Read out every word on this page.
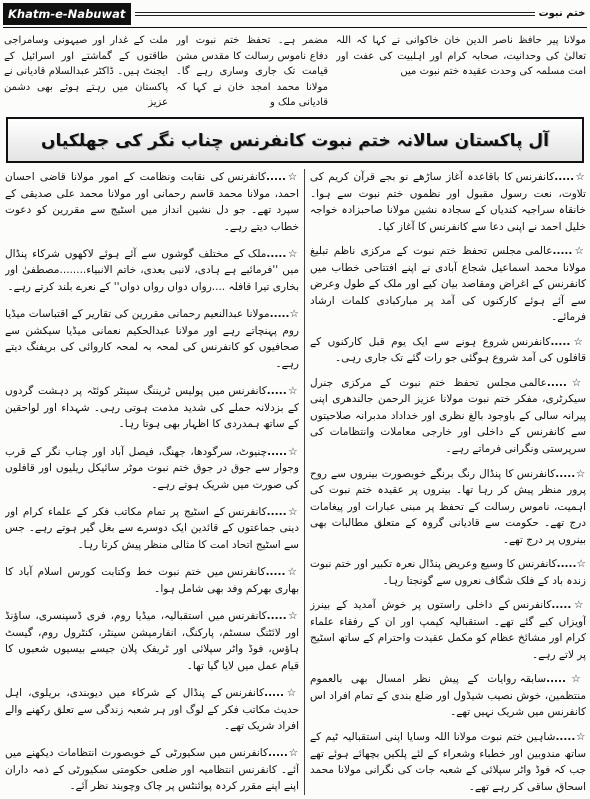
Khatm-e-Nabuwat	ختم نبوت
مولانا پیر حافظ ناصر الدین خان خاکوانی نے کہا کہ اللہ تعالیٰ کی وحدانیت، صحابہ کرام اور اہلبیت کی عفت اور امت مسلمہ کی وحدت عقیدہ ختم نبوت میں
مضمر ہے۔ تحفظ ختم نبوت اور دفاع ناموس رسالت کا مقدس مشن قیامت تک جاری وساری رہے گا۔ مولانا محمد امجد خان نے کہا کہ قادیانی ملک و
ملت کے غدار اور صیہونی وسامراجی طاقتوں کے گماشتے اور اسرائیل کے ایجنٹ ہیں۔ ڈاکٹر عبدالسلام قادیانی نے پاکستان میں رہتے ہوئے بھی دشمن عزیز
آل پاکستان سالانہ ختم نبوت کانفرنس چناب نگر کی جھلکیاں

☆.....کانفرنس کا باقاعدہ آغاز ساڑھے نو بجے قرآن کریم کی تلاوت، نعت رسول مقبول اور نظموں ختم نبوت سے ہوا۔ خانقاہ سراجیہ کندیاں کے سجادہ نشین مولانا صاحبزادہ خواجہ خلیل احمد نے اپنی دعا سے کانفرنس کا آغاز کیا۔

☆.....عالمی مجلس تحفظ ختم نبوت کے مرکزی ناظم تبلیغ مولانا محمد اسماعیل شجاع آبادی نے اپنے افتتاحی خطاب میں کانفرنس کے اغراض ومقاصد بیان کیے اور ملک کے طول وعرض سے آئے ہوئے کارکنوں کی آمد پر مبارکبادی کلمات ارشاد فرمائے۔

☆.....کانفرنس شروع ہونے سے ایک یوم قبل کارکنوں کے قافلوں کی آمد شروع ہوگئی جو رات گئے تک جاری رہی۔

☆.....عالمی مجلس تحفظ ختم نبوت کے مرکزی جنرل سیکرٹری، مفکر ختم نبوت مولانا عزیز الرحمن جالندھری اپنی پیرانہ سالی کے باوجود بالغ نظری اور خداداد مدبرانہ صلاحیتوں سے کانفرنس کے داخلی اور خارجی معاملات وانتظامات کی سرپرستی ونگرانی فرماتے رہے۔

☆.....کانفرنس کا پنڈال رنگ برنگے خوبصورت بینروں سے روح پرور منظر پیش کر رہا تھا۔ بینروں پر عقیدہ ختم نبوت کی اہمیت، ناموس رسالت کے تحفظ پر مبنی عبارات اور پیغامات درج تھے۔ حکومت سے قادیانی گروہ کے متعلق مطالبات بھی بینروں پر درج تھے۔

☆.....کانفرنس کا وسیع وعریض پنڈال نعرہ تکبیر اور ختم نبوت زندہ باد کے فلک شگاف نعروں سے گونجتا رہا۔

☆.....کانفرنس کے داخلی راستوں پر خوش آمدید کے بینرز آویزاں کیے گئے تھے۔ استقبالیہ کیمپ اور ان کے رفقاء علماء کرام اور مشائخ عظام کو مکمل عقیدت واحترام کے ساتھ اسٹیج پر لاتے رہے۔

☆.....سابقہ روایات کے پیش نظر امسال بھی بالعموم منتظمین، خوش نصیب شیڈول اور ضلع بندی کے تمام افراد اس کانفرنس میں شریک نہیں تھے۔

☆.....شاہین ختم نبوت مولانا اللہ وسایا اپنی استقبالیہ ٹیم کے ساتھ مندوبین اور خطباء وشعراء کے لئے پلکیں بچھائے ہوئے تھے جب کہ فوڈ واٹر سپلائی کے شعبہ جات کی نگرانی مولانا محمد اسحاق ساقی کر رہے تھے۔

☆.....کانفرنس کی نقابت ونظامت کے امور مولانا قاضی احسان احمد، مولانا محمد قاسم رحمانی اور مولانا محمد علی صدیقی کے سپرد تھے۔ جو دل نشین انداز میں اسٹیج سے مقررین کو دعوت خطاب دیتے رہے۔

☆.....ملک کے مختلف گوشوں سے آئے ہوئے لاکھوں شرکاء پنڈال میں ''فرمائیے ہے ہادی، لانبی بعدی، خاتم الانبیاء........مصطفیٰ اور بخاری تیرا قافلہ ....رواں دواں رواں دواں'' کے نعرے بلند کرتے رہے۔

☆.....مولانا عبدالنعیم رحمانی مقررین کی تقاریر کے اقتباسات میڈیا روم پہنچاتے رہے اور مولانا عبدالحکیم نعمانی میڈیا سیکشن سے صحافیوں کو کانفرنس کی لمحہ بہ لمحہ کاروائی کی بریفنگ دیتے رہے۔

☆.....کانفرنس میں پولیس ٹریننگ سینٹر کوئٹہ پر دہشت گردوں کے بزدلانہ حملے کی شدید مذمت ہوتی رہی۔ شہداء اور لواحقین کے ساتھ ہمدردی کا اظہار بھی ہوتا رہا۔

☆.....چنیوٹ، سرگودھا، جھنگ، فیصل آباد اور چناب نگر کے قرب وجوار سے جوق در جوق ختم نبوت موٹر سائیکل ریلیوں اور قافلوں کی صورت میں شریک ہوتے رہے۔

☆.....کانفرنس کے اسٹیج پر تمام مکاتب فکر کے علماء کرام اور دینی جماعتوں کے قائدین ایک دوسرے سے بغل گیر ہوتے رہے۔ جس سے اسٹیج اتحاد امت کا مثالی منظر پیش کرتا رہا۔

☆.....کانفرنس میں ختم نبوت خط وکتابت کورس اسلام آباد کا بھاری بھرکم وفد بھی شامل ہوا۔

☆.....کانفرنس میں استقبالیہ، میڈیا روم، فری ڈسپنسری، ساؤنڈ اور لائٹنگ سسٹم، پارکنگ، انفارمیشن سینٹر، کنٹرول روم، گیسٹ ہاؤس، فوڈ واٹر سپلائی اور ٹریفک پلان جیسے بیسیوں شعبوں کا قیام عمل میں لایا گیا تھا۔

☆.....کانفرنس کے پنڈال کے شرکاء میں دیوبندی، بریلوی، اہل حدیث مکاتب فکر کے لوگ اور ہر شعبہ زندگی سے تعلق رکھنے والے افراد شریک تھے۔

☆.....کانفرنس میں سکیورٹی کے خوبصورت انتظامات دیکھنے میں آئے۔ کانفرنس انتظامیہ اور ضلعی حکومتی سکیورٹی کے ذمہ داران اپنے اپنے مقرر کردہ پوائنٹس پر چاک وچوبند نظر آئے۔
